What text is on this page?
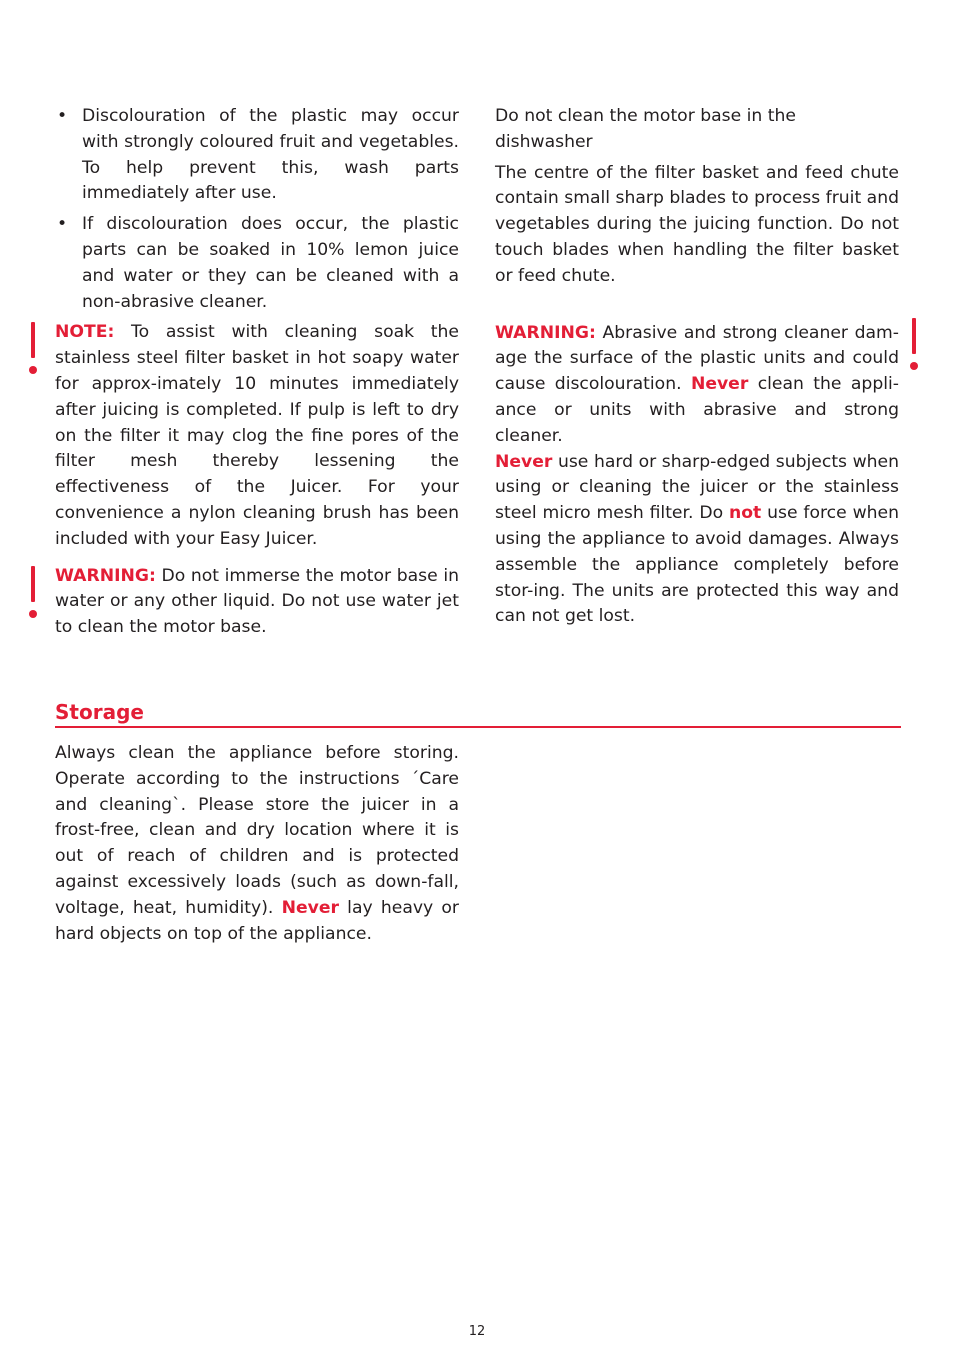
• Discolouration of the plastic may occur with strongly coloured fruit and vegetables. To help prevent this, wash parts immediately after use.
• If discolouration does occur, the plastic parts can be soaked in 10% lemon juice and water or they can be cleaned with a non-abrasive cleaner.

NOTE: To assist with cleaning soak the stainless steel filter basket in hot soapy water for approx-imately 10 minutes immediately after juicing is completed. If pulp is left to dry on the filter it may clog the fine pores of the filter mesh thereby lessening the effectiveness of the Juicer. For your convenience a nylon cleaning brush has been included with your Easy Juicer.

WARNING: Do not immerse the motor base in water or any other liquid. Do not use water jet to clean the motor base.

Do not clean the motor base in the dishwasher

The centre of the filter basket and feed chute contain small sharp blades to process fruit and vegetables during the juicing function. Do not touch blades when handling the filter basket or feed chute.

WARNING: Abrasive and strong cleaner dam-age the surface of the plastic units and could cause discolouration. Never clean the appli-ance or units with abrasive and strong cleaner.
Never use hard or sharp-edged subjects when using or cleaning the juicer or the stainless steel micro mesh filter. Do not use force when using the appliance to avoid damages. Always assemble the appliance completely before stor-ing. The units are protected this way and can not get lost.

Storage

Always clean the appliance before storing. Operate according to the instructions ´Care and cleaning`. Please store the juicer in a frost-free, clean and dry location where it is out of reach of children and is protected against excessively loads (such as down-fall, voltage, heat, humidity). Never lay heavy or hard objects on top of the appliance.

12
